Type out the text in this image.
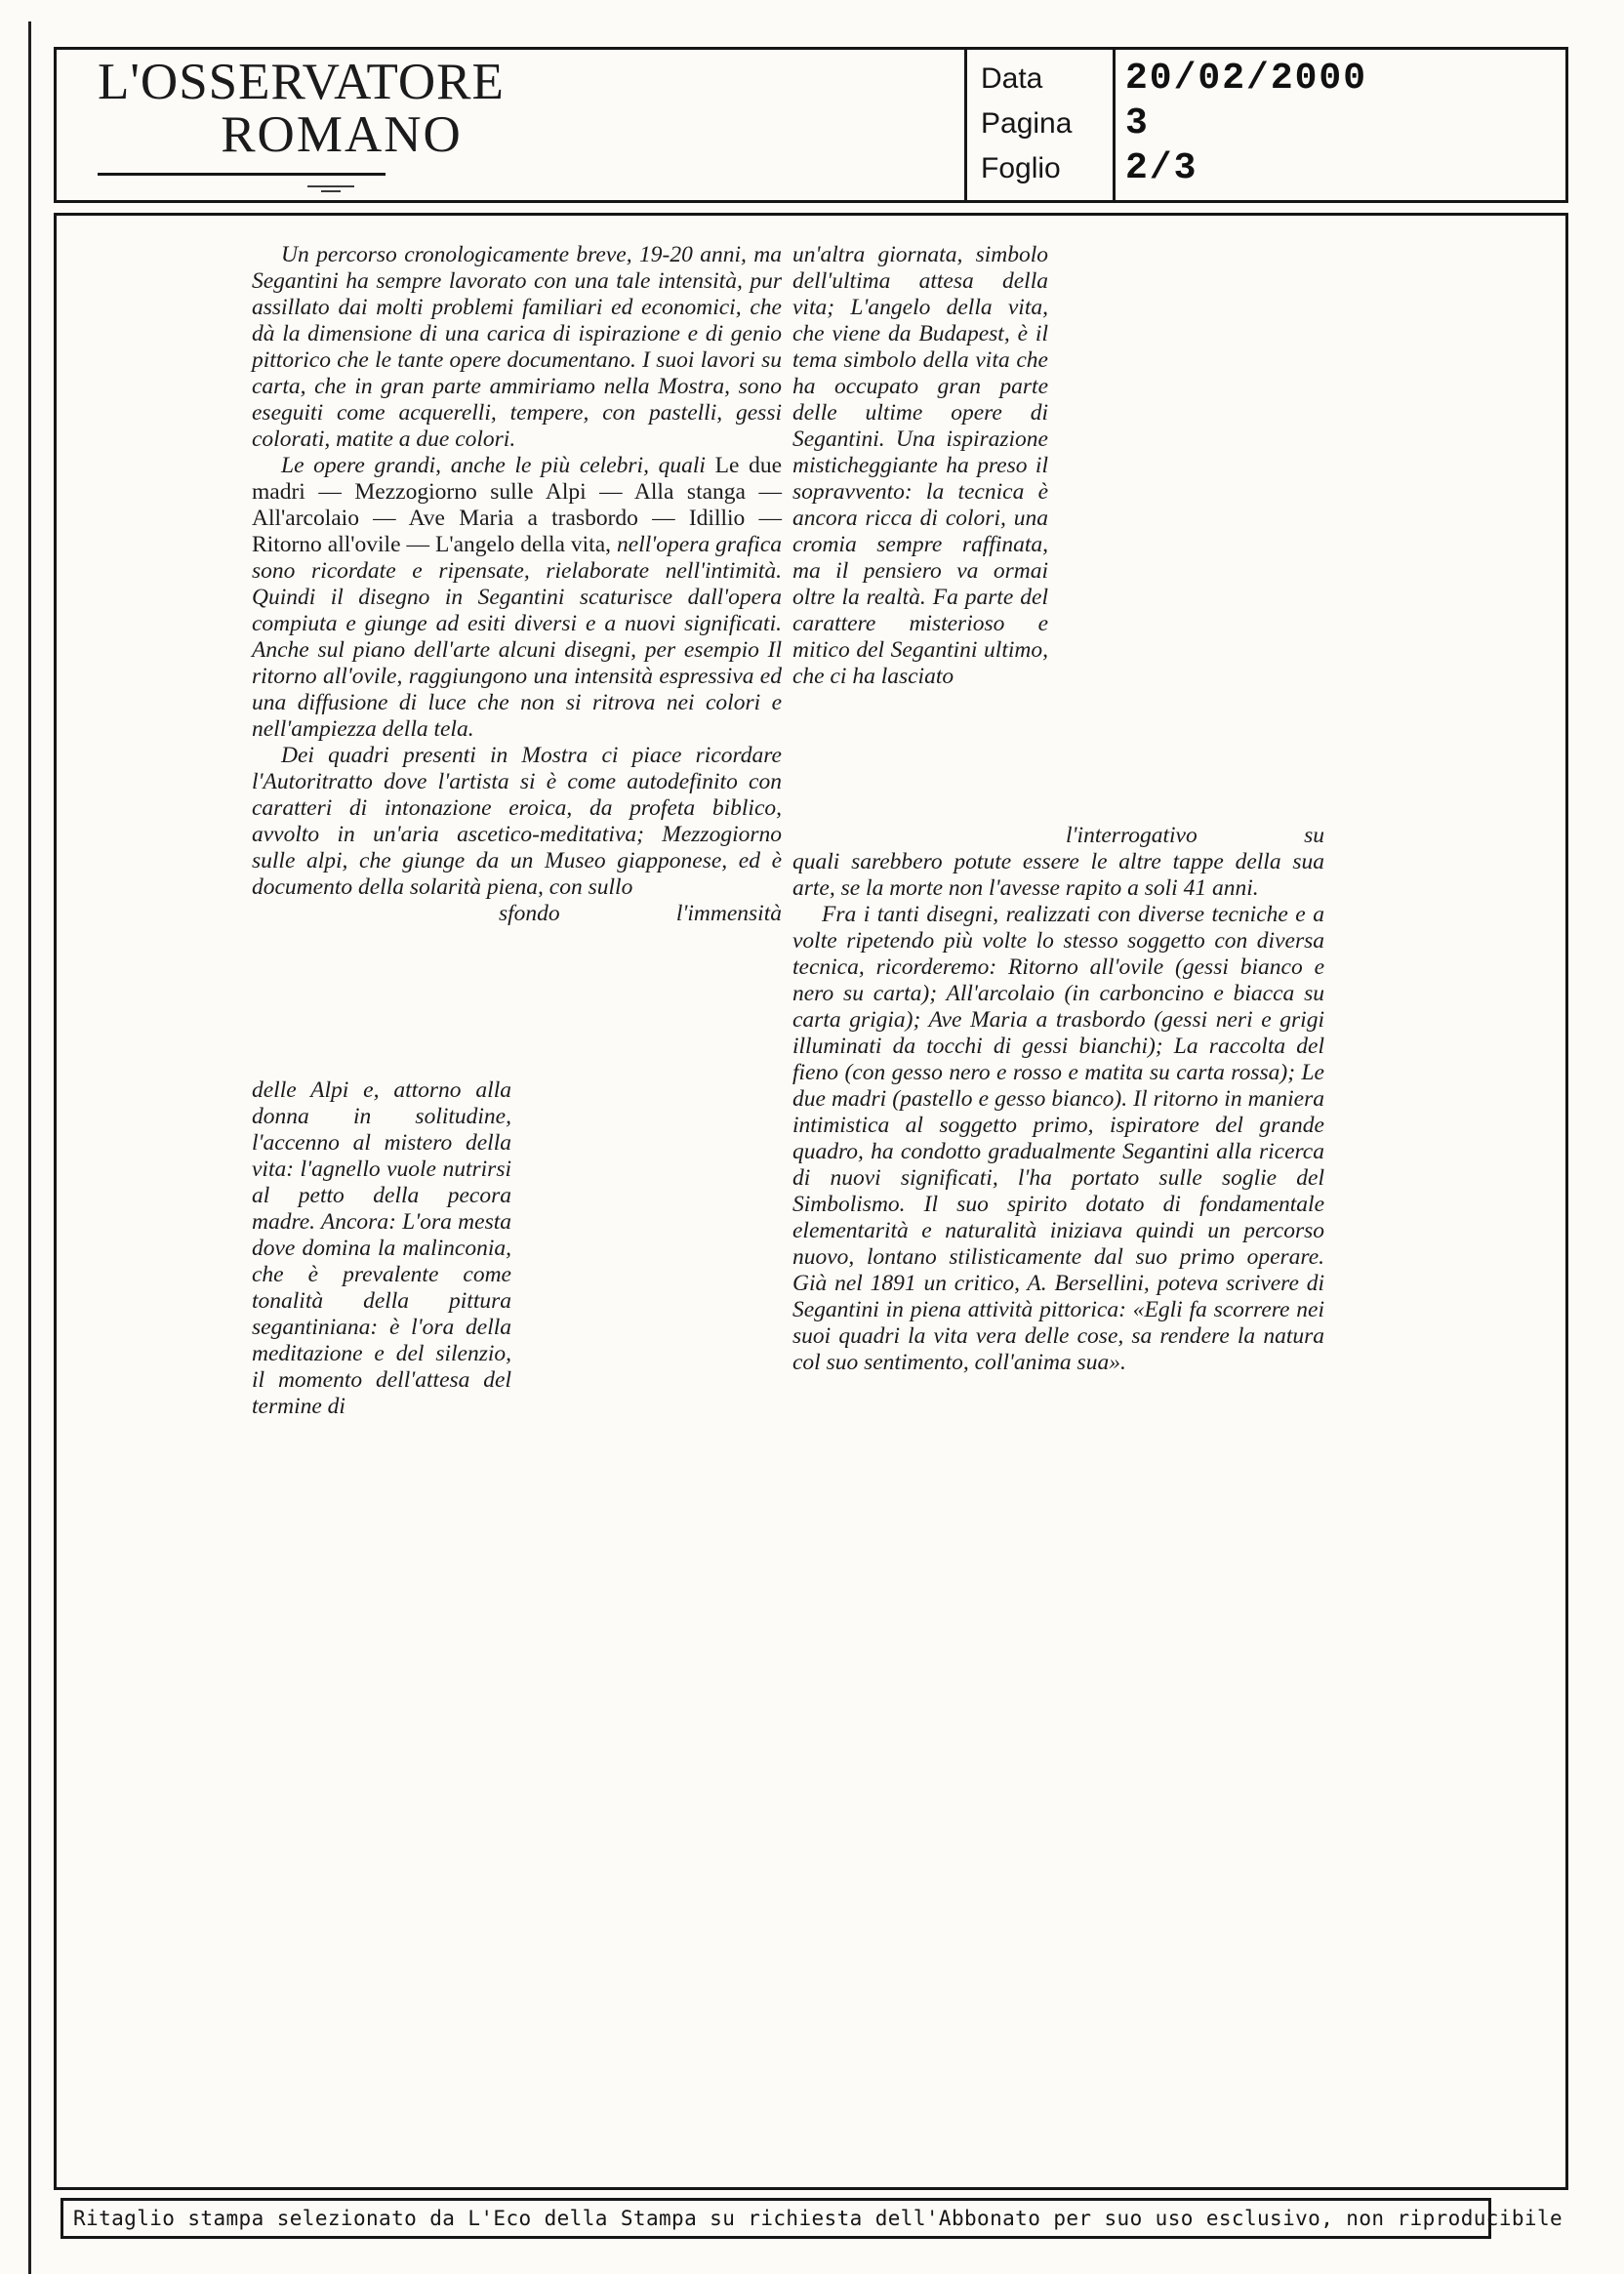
L'OSSERVATORE
ROMANO
Data	20/02/2000
Pagina	3
Foglio	2/3

Un percorso cronologicamente breve, 19-20 anni, ma Segantini ha sempre lavorato con una tale intensità, pur assillato dai molti problemi familiari ed economici, che dà la dimensione di una carica di ispirazione e di genio pittorico che le tante opere documentano. I suoi lavori su carta, che in gran parte ammiriamo nella Mostra, sono eseguiti come acquerelli, tempere, con pastelli, gessi colorati, matite a due colori.

Le opere grandi, anche le più celebri, quali Le due madri — Mezzogiorno sulle Alpi — Alla stanga — All'arcolaio — Ave Maria a trasbordo — Idillio — Ritorno all'ovile — L'angelo della vita, nell'opera grafica sono ricordate e ripensate, rielaborate nell'intimità. Quindi il disegno in Segantini scaturisce dall'opera compiuta e giunge ad esiti diversi e a nuovi significati. Anche sul piano dell'arte alcuni disegni, per esempio Il ritorno all'ovile, raggiungono una intensità espressiva ed una diffusione di luce che non si ritrova nei colori e nell'ampiezza della tela.

Dei quadri presenti in Mostra ci piace ricordare l'Autoritratto dove l'artista si è come autodefinito con caratteri di intonazione eroica, da profeta biblico, avvolto in un'aria ascetico-meditativa; Mezzogiorno sulle alpi, che giunge da un Museo giapponese, ed è documento della solarità piena, con sullo

sfondo	l'immensità

un'altra giornata, simbolo dell'ultima attesa della vita; L'angelo della vita, che viene da Budapest, è il tema simbolo della vita che ha occupato gran parte delle ultime opere di Segantini. Una ispirazione misticheggiante ha preso il sopravvento: la tecnica è ancora ricca di colori, una cromia sempre raffinata, ma il pensiero va ormai oltre la realtà. Fa parte del carattere misterioso e mitico del Segantini ultimo, che ci ha lasciato

l'interrogativo	su

quali sarebbero potute essere le altre tappe della sua arte, se la morte non l'avesse rapito a soli 41 anni.

Fra i tanti disegni, realizzati con diverse tecniche e a volte ripetendo più volte lo stesso soggetto con diversa tecnica, ricorderemo: Ritorno all'ovile (gessi bianco e nero su carta); All'arcolaio (in carboncino e biacca su carta grigia); Ave Maria a trasbordo (gessi neri e grigi illuminati da tocchi di gessi bianchi); La raccolta del fieno (con gesso nero e rosso e matita su carta rossa); Le due madri (pastello e gesso bianco). Il ritorno in maniera intimistica al soggetto primo, ispiratore del grande quadro, ha condotto gradualmente Segantini alla ricerca di nuovi significati, l'ha portato sulle soglie del Simbolismo. Il suo spirito dotato di fondamentale elementarità e naturalità iniziava quindi un percorso nuovo, lontano stilisticamente dal suo primo operare. Già nel 1891 un critico, A. Bersellini, poteva scrivere di Segantini in piena attività pittorica: «Egli fa scorrere nei suoi quadri la vita vera delle cose, sa rendere la natura col suo sentimento, coll'anima sua».

delle Alpi e, attorno alla donna in solitudine, l'accenno al mistero della vita: l'agnello vuole nutrirsi al petto della pecora madre. Ancora: L'ora mesta dove domina la malinconia, che è prevalente come tonalità della pittura segantiniana: è l'ora della meditazione e del silenzio, il momento dell'attesa del termine di

Ritaglio stampa selezionato da L'Eco della Stampa su richiesta dell'Abbonato per suo uso esclusivo, non riproducibile
